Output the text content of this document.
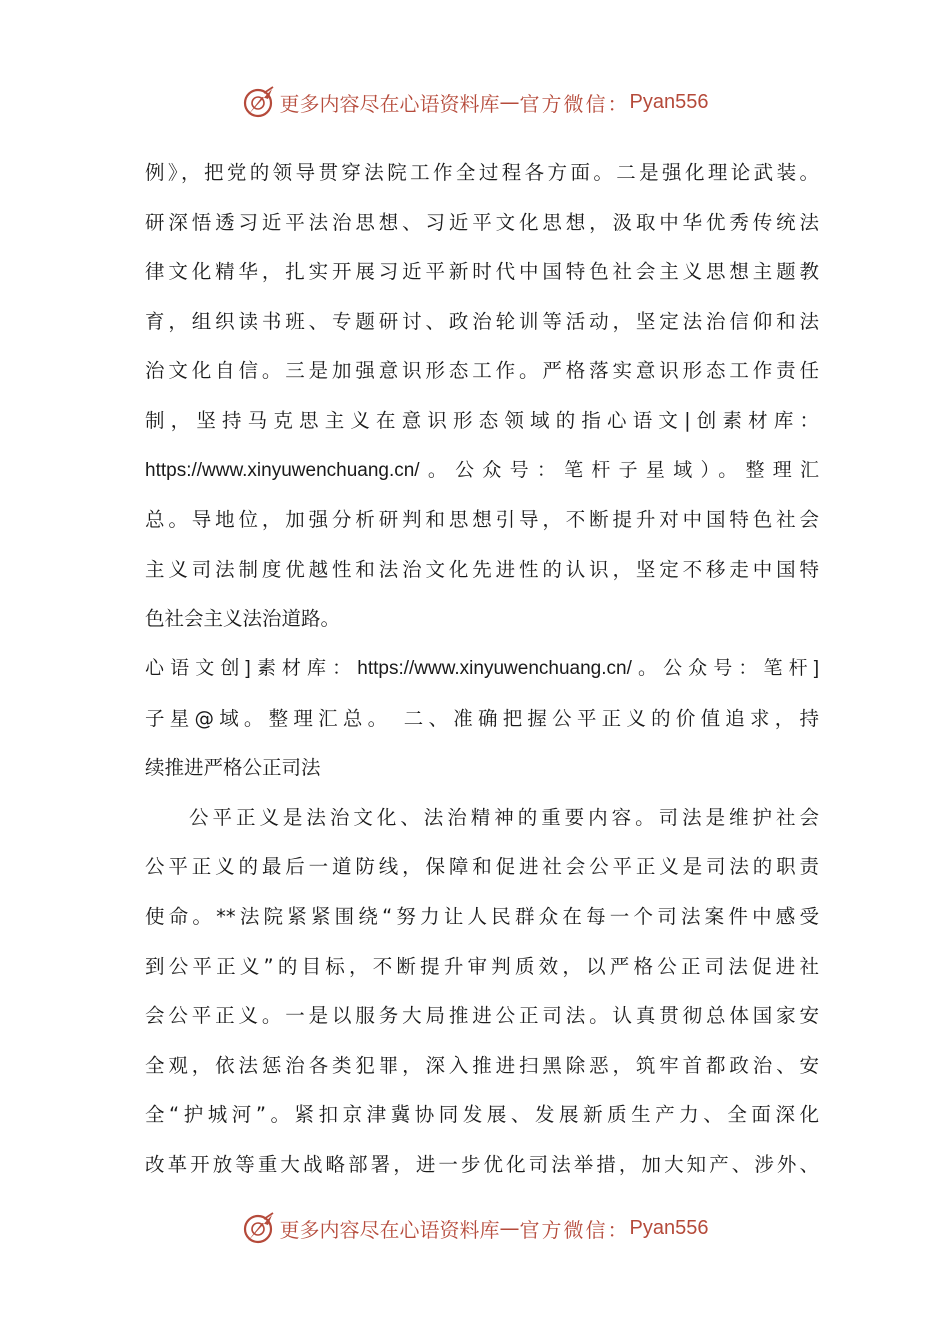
更多内容尽在心语资料库 — 官方微信： Pyan556
例》，把党的领导贯穿法院工作全过程各方面。二是强化理论武装。
研深悟透习近平法治思想、习近平文化思想，汲取中华优秀传统法
律文化精华，扎实开展习近平新时代中国特色社会主义思想主题教
育，组织读书班、专题研讨、政治轮训等活动，坚定法治信仰和法
治文化自信。三是加强意识形态工作。严格落实意识形态工作责任
制，坚持马克思主义在意识形态领域的指心语文|创素材库：
https://www.xinyuwenchuang.cn/。公众号：笔杆子星域）。整理汇
总。导地位，加强分析研判和思想引导，不断提升对中国特色社会
主义司法制度优越性和法治文化先进性的认识，坚定不移走中国特
色社会主义法治道路。
心语文创]素材库：https://www.xinyuwenchuang.cn/。公众号：笔杆]
子星@域。整理汇总。 二、准确把握公平正义的价值追求，持
续推进严格公正司法
公平正义是法治文化、法治精神的重要内容。司法是维护社会
公平正义的最后一道防线，保障和促进社会公平正义是司法的职责
使命。**法院紧紧围绕“努力让人民群众在每一个司法案件中感受
到公平正义”的目标，不断提升审判质效，以严格公正司法促进社
会公平正义。一是以服务大局推进公正司法。认真贯彻总体国家安
全观，依法惩治各类犯罪，深入推进扫黑除恶，筑牢首都政治、安
全“护城河”。紧扣京津冀协同发展、发展新质生产力、全面深化
改革开放等重大战略部署，进一步优化司法举措，加大知产、涉外、
更多内容尽在心语资料库 — 官方微信： Pyan556
